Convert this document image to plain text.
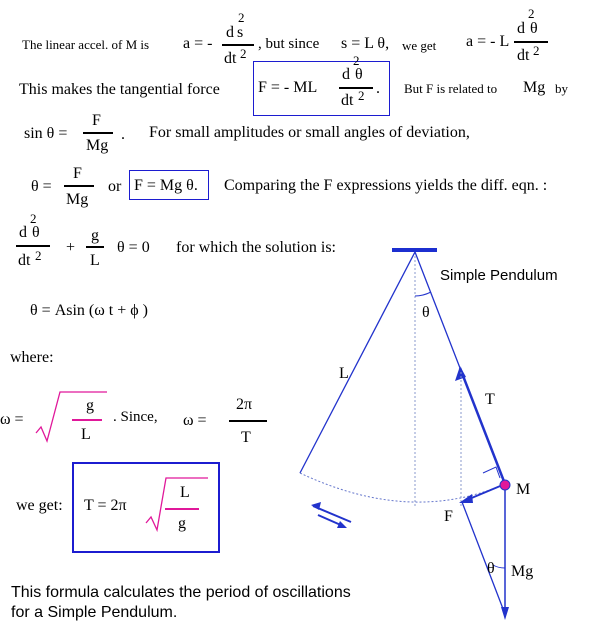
The linear accel. of M is a = -
d
2
s
dt 2
, but since s = L θ, we get a = - L
2
d θ
dt 2
This makes the tangential force F = - ML
2
d θ
dt 2 . But F is related to Mg by
sin θ =
F
Mg
. For small amplitudes or small angles of deviation,
θ =
F
Mg
or F = Mg θ. Comparing the F expressions yields the diff. eqn. :
2
d θ
dt 2 +
g
L
θ = 0 for which the solution is:
θ = Asin (ω t + ϕ )
where:
ω =
g
L
. Since, ω =
2π
T
we get: T = 2π
L
g
This formula calculates the period of oscillations
for a Simple Pendulum.
Simple Pendulum
θ
L
T
M
F
θ Mg
